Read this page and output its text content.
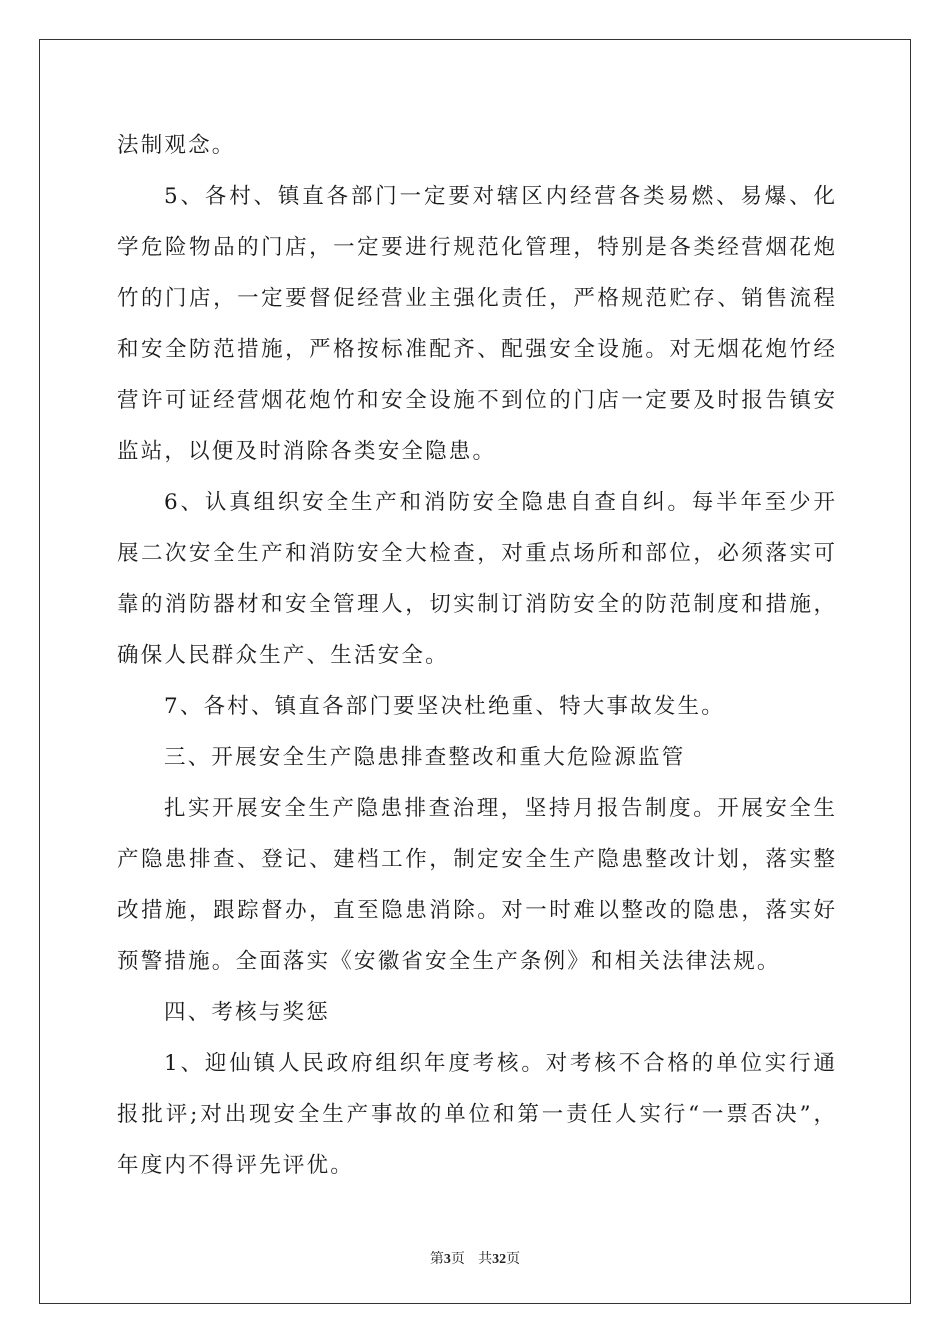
法制观念。
5、各村、镇直各部门一定要对辖区内经营各类易燃、易爆、化
学危险物品的门店，一定要进行规范化管理，特别是各类经营烟花炮
竹的门店，一定要督促经营业主强化责任，严格规范贮存、销售流程
和安全防范措施，严格按标准配齐、配强安全设施。对无烟花炮竹经
营许可证经营烟花炮竹和安全设施不到位的门店一定要及时报告镇安
监站，以便及时消除各类安全隐患。
6、认真组织安全生产和消防安全隐患自查自纠。每半年至少开
展二次安全生产和消防安全大检查，对重点场所和部位，必须落实可
靠的消防器材和安全管理人，切实制订消防安全的防范制度和措施，
确保人民群众生产、生活安全。
7、各村、镇直各部门要坚决杜绝重、特大事故发生。
三、开展安全生产隐患排查整改和重大危险源监管
扎实开展安全生产隐患排查治理，坚持月报告制度。开展安全生
产隐患排查、登记、建档工作，制定安全生产隐患整改计划，落实整
改措施，跟踪督办，直至隐患消除。对一时难以整改的隐患，落实好
预警措施。全面落实《安徽省安全生产条例》和相关法律法规。
四、考核与奖惩
1、迎仙镇人民政府组织年度考核。对考核不合格的单位实行通
报批评;对出现安全生产事故的单位和第一责任人实行“一票否决”，
年度内不得评先评优。
第3页 共32页
